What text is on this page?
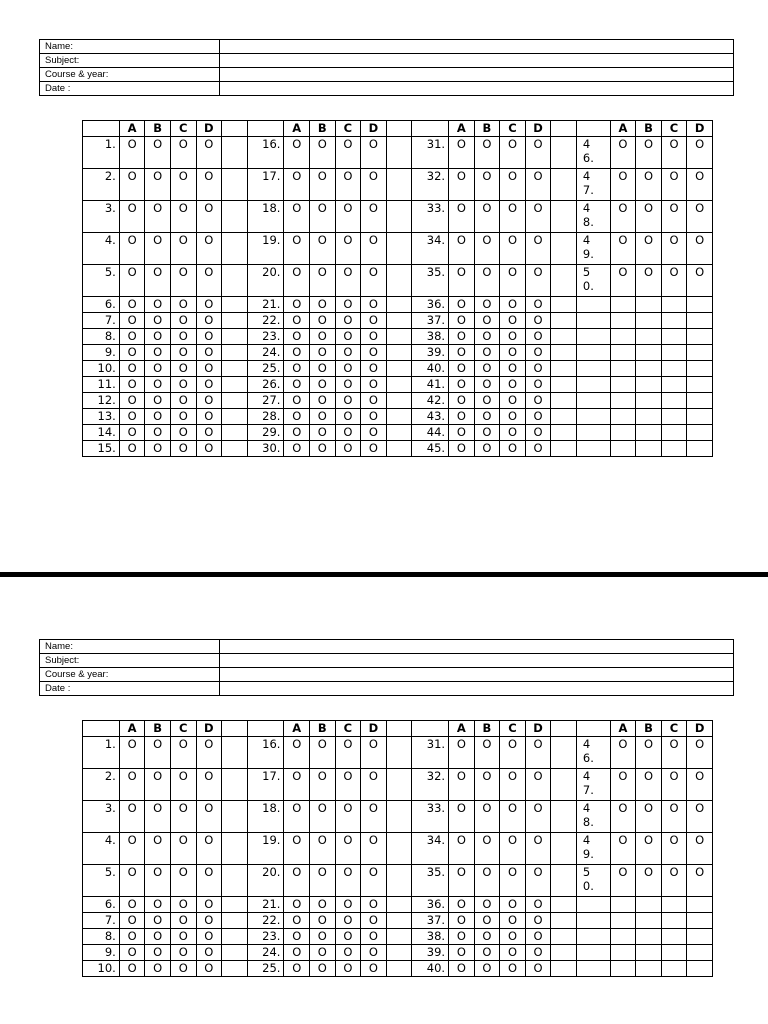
Name:	
Subject:	
Course & year:	
Date :	
	A	B	C	D			A	B	C	D			A	B	C	D			A	B	C	D
1.	O	O	O	O		16.	O	O	O	O		31.	O	O	O	O		46.	O	O	O	O
2.	O	O	O	O		17.	O	O	O	O		32.	O	O	O	O		47.	O	O	O	O
3.	O	O	O	O		18.	O	O	O	O		33.	O	O	O	O		48.	O	O	O	O
4.	O	O	O	O		19.	O	O	O	O		34.	O	O	O	O		49.	O	O	O	O
5.	O	O	O	O		20.	O	O	O	O		35.	O	O	O	O		50.	O	O	O	O
6.	O	O	O	O		21.	O	O	O	O		36.	O	O	O	O						
7.	O	O	O	O		22.	O	O	O	O		37.	O	O	O	O						
8.	O	O	O	O		23.	O	O	O	O		38.	O	O	O	O						
9.	O	O	O	O		24.	O	O	O	O		39.	O	O	O	O						
10.	O	O	O	O		25.	O	O	O	O		40.	O	O	O	O						
11.	O	O	O	O		26.	O	O	O	O		41.	O	O	O	O						
12.	O	O	O	O		27.	O	O	O	O		42.	O	O	O	O						
13.	O	O	O	O		28.	O	O	O	O		43.	O	O	O	O						
14.	O	O	O	O		29.	O	O	O	O		44.	O	O	O	O						
15.	O	O	O	O		30.	O	O	O	O		45.	O	O	O	O						
Name:	
Subject:	
Course & year:	
Date :	
	A	B	C	D			A	B	C	D			A	B	C	D			A	B	C	D
1.	O	O	O	O		16.	O	O	O	O		31.	O	O	O	O		46.	O	O	O	O
2.	O	O	O	O		17.	O	O	O	O		32.	O	O	O	O		47.	O	O	O	O
3.	O	O	O	O		18.	O	O	O	O		33.	O	O	O	O		48.	O	O	O	O
4.	O	O	O	O		19.	O	O	O	O		34.	O	O	O	O		49.	O	O	O	O
5.	O	O	O	O		20.	O	O	O	O		35.	O	O	O	O		50.	O	O	O	O
6.	O	O	O	O		21.	O	O	O	O		36.	O	O	O	O						
7.	O	O	O	O		22.	O	O	O	O		37.	O	O	O	O						
8.	O	O	O	O		23.	O	O	O	O		38.	O	O	O	O						
9.	O	O	O	O		24.	O	O	O	O		39.	O	O	O	O						
10.	O	O	O	O		25.	O	O	O	O		40.	O	O	O	O						
